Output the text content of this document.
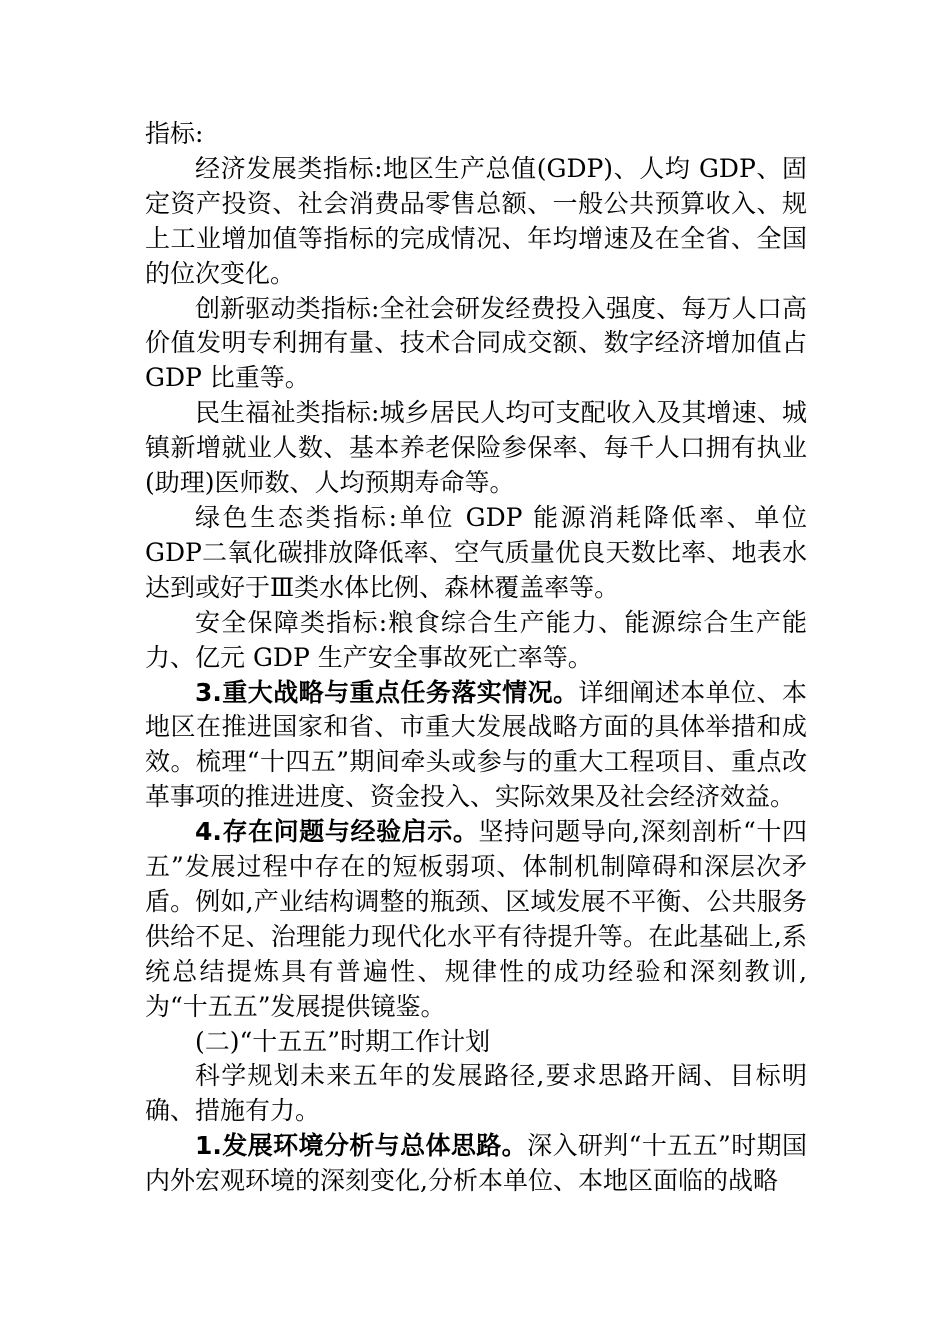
指标:

经济发展类指标:地区生产总值(GDP)、人均 GDP、固定资产投资、社会消费品零售总额、一般公共预算收入、规上工业增加值等指标的完成情况、年均增速及在全省、全国的位次变化。

创新驱动类指标:全社会研发经费投入强度、每万人口高价值发明专利拥有量、技术合同成交额、数字经济增加值占 GDP 比重等。

民生福祉类指标:城乡居民人均可支配收入及其增速、城镇新增就业人数、基本养老保险参保率、每千人口拥有执业(助理)医师数、人均预期寿命等。

绿色生态类指标:单位 GDP 能源消耗降低率、单位 GDP二氧化碳排放降低率、空气质量优良天数比率、地表水达到或好于Ⅲ类水体比例、森林覆盖率等。

安全保障类指标:粮食综合生产能力、能源综合生产能力、亿元 GDP 生产安全事故死亡率等。

3.重大战略与重点任务落实情况。详细阐述本单位、本地区在推进国家和省、市重大发展战略方面的具体举措和成效。梳理“十四五”期间牵头或参与的重大工程项目、重点改革事项的推进进度、资金投入、实际效果及社会经济效益。

4.存在问题与经验启示。坚持问题导向,深刻剖析“十四五”发展过程中存在的短板弱项、体制机制障碍和深层次矛盾。例如,产业结构调整的瓶颈、区域发展不平衡、公共服务供给不足、治理能力现代化水平有待提升等。在此基础上,系统总结提炼具有普遍性、规律性的成功经验和深刻教训,为“十五五”发展提供镜鉴。

(二)“十五五”时期工作计划

科学规划未来五年的发展路径,要求思路开阔、目标明确、措施有力。

1.发展环境分析与总体思路。深入研判“十五五”时期国内外宏观环境的深刻变化,分析本单位、本地区面临的战略
